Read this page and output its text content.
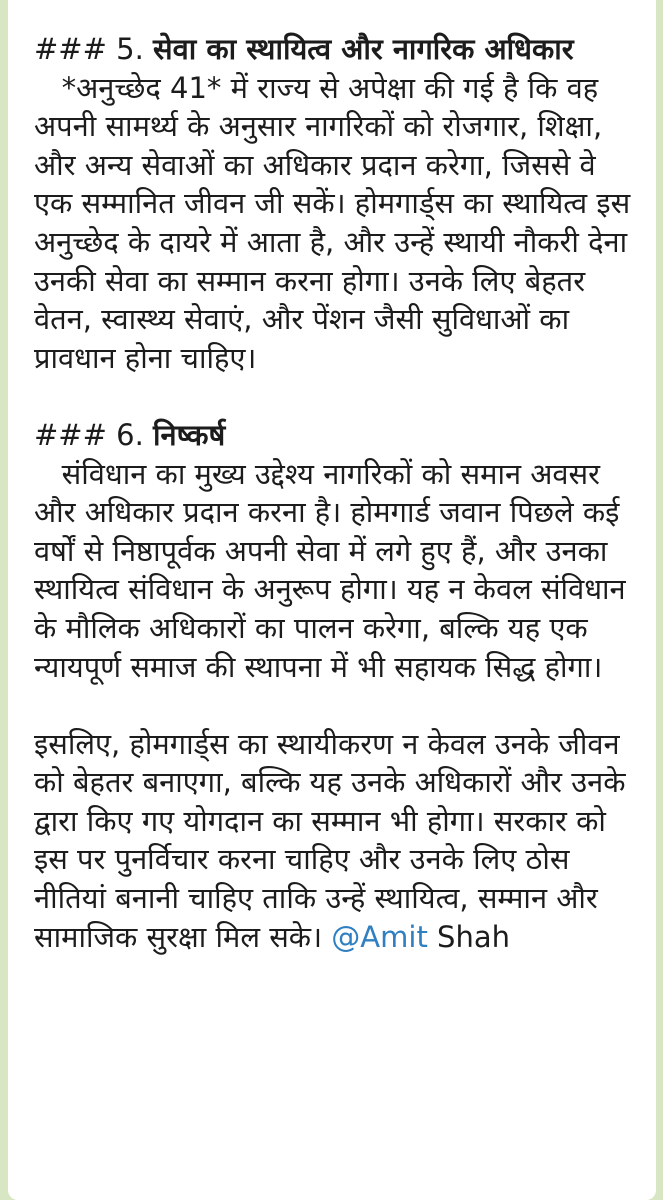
### 5. सेवा का स्थायित्व और नागरिक अधिकार

*अनुच्छेद 41* में राज्य से अपेक्षा की गई है कि वह अपनी सामर्थ्य के अनुसार नागरिकों को रोजगार, शिक्षा, और अन्य सेवाओं का अधिकार प्रदान करेगा, जिससे वे एक सम्मानित जीवन जी सकें। होमगार्ड्स का स्थायित्व इस अनुच्छेद के दायरे में आता है, और उन्हें स्थायी नौकरी देना उनकी सेवा का सम्मान करना होगा। उनके लिए बेहतर वेतन, स्वास्थ्य सेवाएं, और पेंशन जैसी सुविधाओं का प्रावधान होना चाहिए।

### 6. निष्कर्ष

संविधान का मुख्य उद्देश्य नागरिकों को समान अवसर और अधिकार प्रदान करना है। होमगार्ड जवान पिछले कई वर्षों से निष्ठापूर्वक अपनी सेवा में लगे हुए हैं, और उनका स्थायित्व संविधान के अनुरूप होगा। यह न केवल संविधान के मौलिक अधिकारों का पालन करेगा, बल्कि यह एक न्यायपूर्ण समाज की स्थापना में भी सहायक सिद्ध होगा।

इसलिए, होमगार्ड्स का स्थायीकरण न केवल उनके जीवन को बेहतर बनाएगा, बल्कि यह उनके अधिकारों और उनके द्वारा किए गए योगदान का सम्मान भी होगा। सरकार को इस पर पुनर्विचार करना चाहिए और उनके लिए ठोस नीतियां बनानी चाहिए ताकि उन्हें स्थायित्व, सम्मान और सामाजिक सुरक्षा मिल सके। @Amit Shah
